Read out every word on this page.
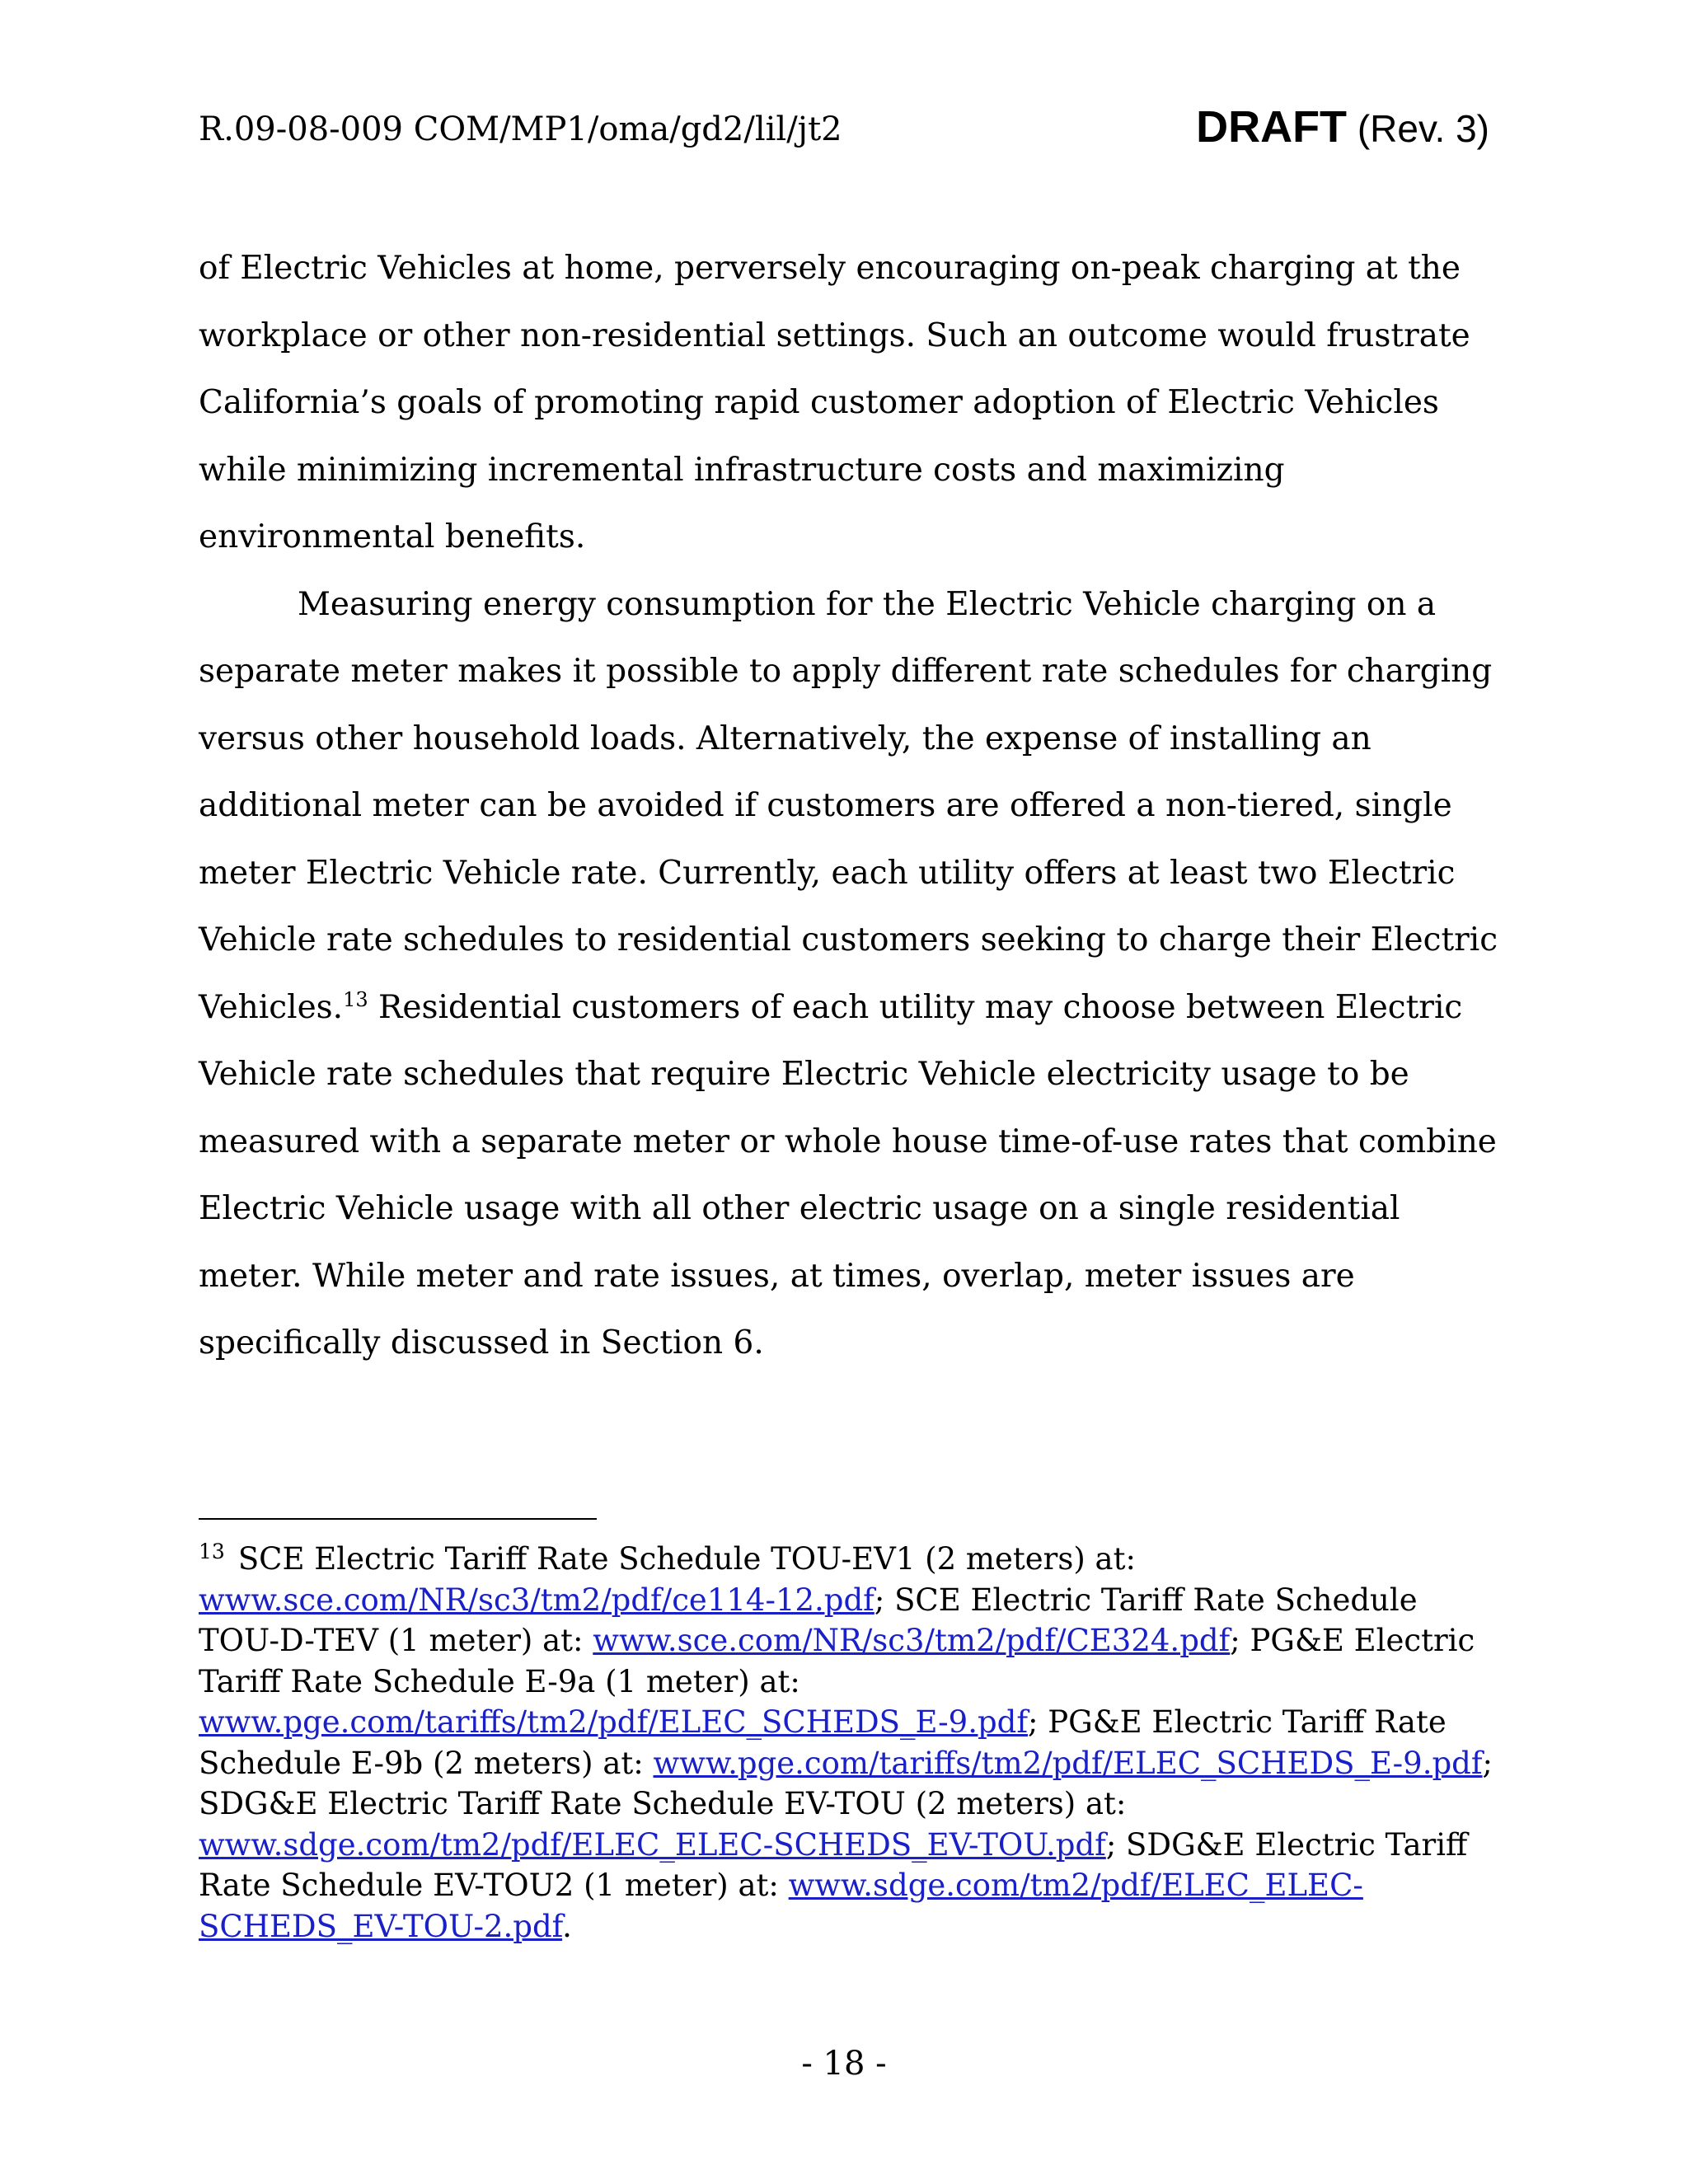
R.09-08-009 COM/MP1/oma/gd2/lil/jt2	DRAFT (Rev. 3)

of Electric Vehicles at home, perversely encouraging on-peak charging at the workplace or other non-residential settings. Such an outcome would frustrate California’s goals of promoting rapid customer adoption of Electric Vehicles while minimizing incremental infrastructure costs and maximizing environmental benefits.

Measuring energy consumption for the Electric Vehicle charging on a separate meter makes it possible to apply different rate schedules for charging versus other household loads. Alternatively, the expense of installing an additional meter can be avoided if customers are offered a non-tiered, single meter Electric Vehicle rate. Currently, each utility offers at least two Electric Vehicle rate schedules to residential customers seeking to charge their Electric Vehicles.$^{13}$ Residential customers of each utility may choose between Electric Vehicle rate schedules that require Electric Vehicle electricity usage to be measured with a separate meter or whole house time-of-use rates that combine Electric Vehicle usage with all other electric usage on a single residential meter. While meter and rate issues, at times, overlap, meter issues are specifically discussed in Section 6.

$^{13}$ SCE Electric Tariff Rate Schedule TOU-EV1 (2 meters) at: www.sce.com/NR/sc3/tm2/pdf/ce114-12.pdf; SCE Electric Tariff Rate Schedule TOU-D-TEV (1 meter) at: www.sce.com/NR/sc3/tm2/pdf/CE324.pdf; PG&E Electric Tariff Rate Schedule E-9a (1 meter) at: www.pge.com/tariffs/tm2/pdf/ELEC_SCHEDS_E-9.pdf; PG&E Electric Tariff Rate Schedule E-9b (2 meters) at: www.pge.com/tariffs/tm2/pdf/ELEC_SCHEDS_E-9.pdf; SDG&E Electric Tariff Rate Schedule EV-TOU (2 meters) at: www.sdge.com/tm2/pdf/ELEC_ELEC-SCHEDS_EV-TOU.pdf; SDG&E Electric Tariff Rate Schedule EV-TOU2 (1 meter) at: www.sdge.com/tm2/pdf/ELEC_ELEC-SCHEDS_EV-TOU-2.pdf.
- 18 -
